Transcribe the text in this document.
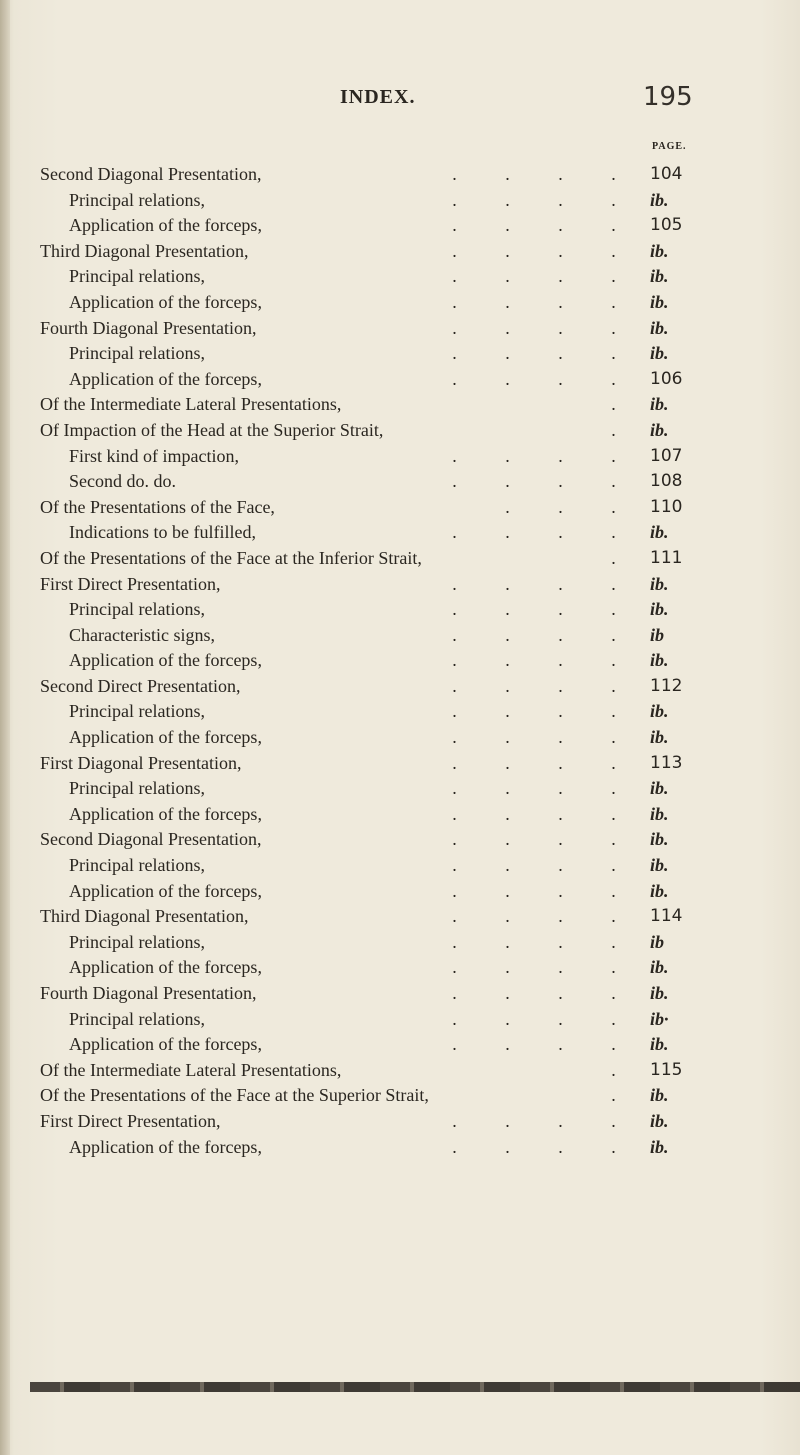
INDEX.	195
PAGE.
Second Diagonal Presentation,	.	.	.	.	104
Principal relations,	.	.	.	.	ib.
Application of the forceps,	.	.	.	.	105
Third Diagonal Presentation,	.	.	.	.	ib.
Principal relations,	.	.	.	.	ib.
Application of the forceps,	.	.	.	.	ib.
Fourth Diagonal Presentation,	.	.	.	.	ib.
Principal relations,	.	.	.	.	ib.
Application of the forceps,	.	.	.	.	106
Of the Intermediate Lateral Presentations,	.	ib.
Of Impaction of the Head at the Superior Strait,	.	ib.
First kind of impaction,	.	.	.	.	107
Second do. do.	.	.	.	.	108
Of the Presentations of the Face,	.	.	.	110
Indications to be fulfilled,	.	.	.	.	ib.
Of the Presentations of the Face at the Inferior Strait,	.	111
First Direct Presentation,	.	.	.	.	ib.
Principal relations,	.	.	.	.	ib.
Characteristic signs,	.	.	.	.	ib
Application of the forceps,	.	.	.	.	ib.
Second Direct Presentation,	.	.	.	.	112
Principal relations,	.	.	.	.	ib.
Application of the forceps,	.	.	.	.	ib.
First Diagonal Presentation,	.	.	.	.	113
Principal relations,	.	.	.	.	ib.
Application of the forceps,	.	.	.	.	ib.
Second Diagonal Presentation,	.	.	.	.	ib.
Principal relations,	.	.	.	.	ib.
Application of the forceps,	.	.	.	.	ib.
Third Diagonal Presentation,	.	.	.	.	114
Principal relations,	.	.	.	.	ib
Application of the forceps,	.	.	.	.	ib.
Fourth Diagonal Presentation,	.	.	.	.	ib.
Principal relations,	.	.	.	.	ib·
Application of the forceps,	.	.	.	.	ib.
Of the Intermediate Lateral Presentations,	.	115
Of the Presentations of the Face at the Superior Strait,	.	ib.
First Direct Presentation,	.	.	.	.	ib.
Application of the forceps,	.	.	.	.	ib.
